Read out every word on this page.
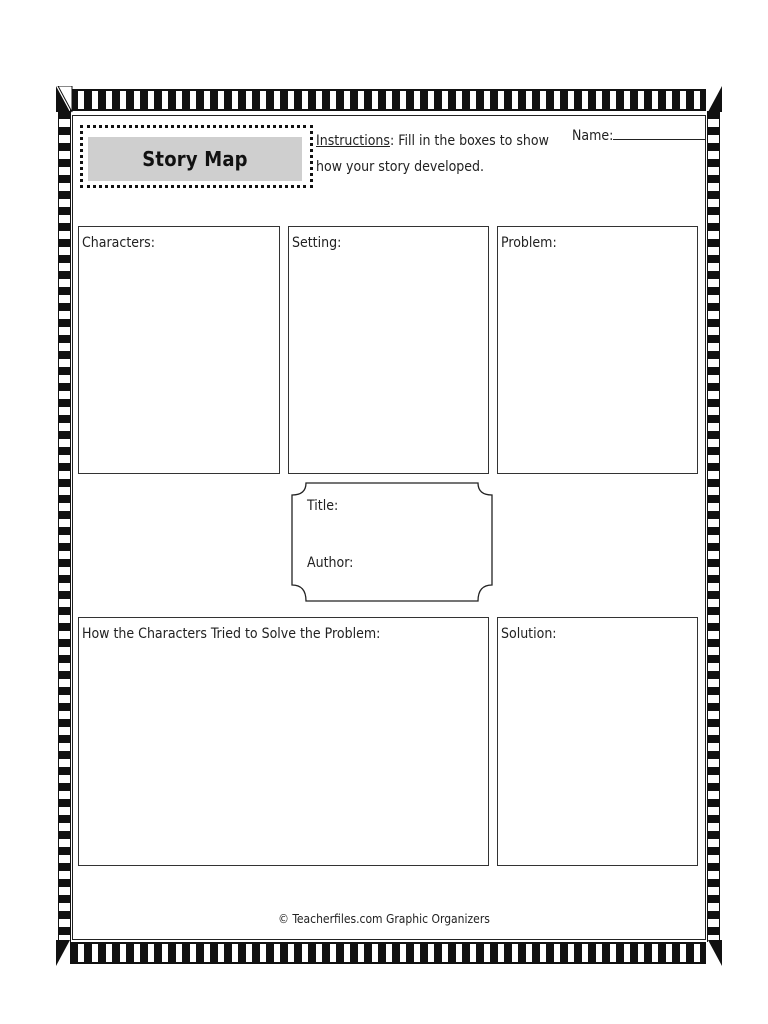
Story Map
Instructions: Fill in the boxes to show how your story developed.
Name:
Characters:	Setting:	Problem:
Title:
Author:
How the Characters Tried to Solve the Problem:	Solution:
© Teacherfiles.com Graphic Organizers
